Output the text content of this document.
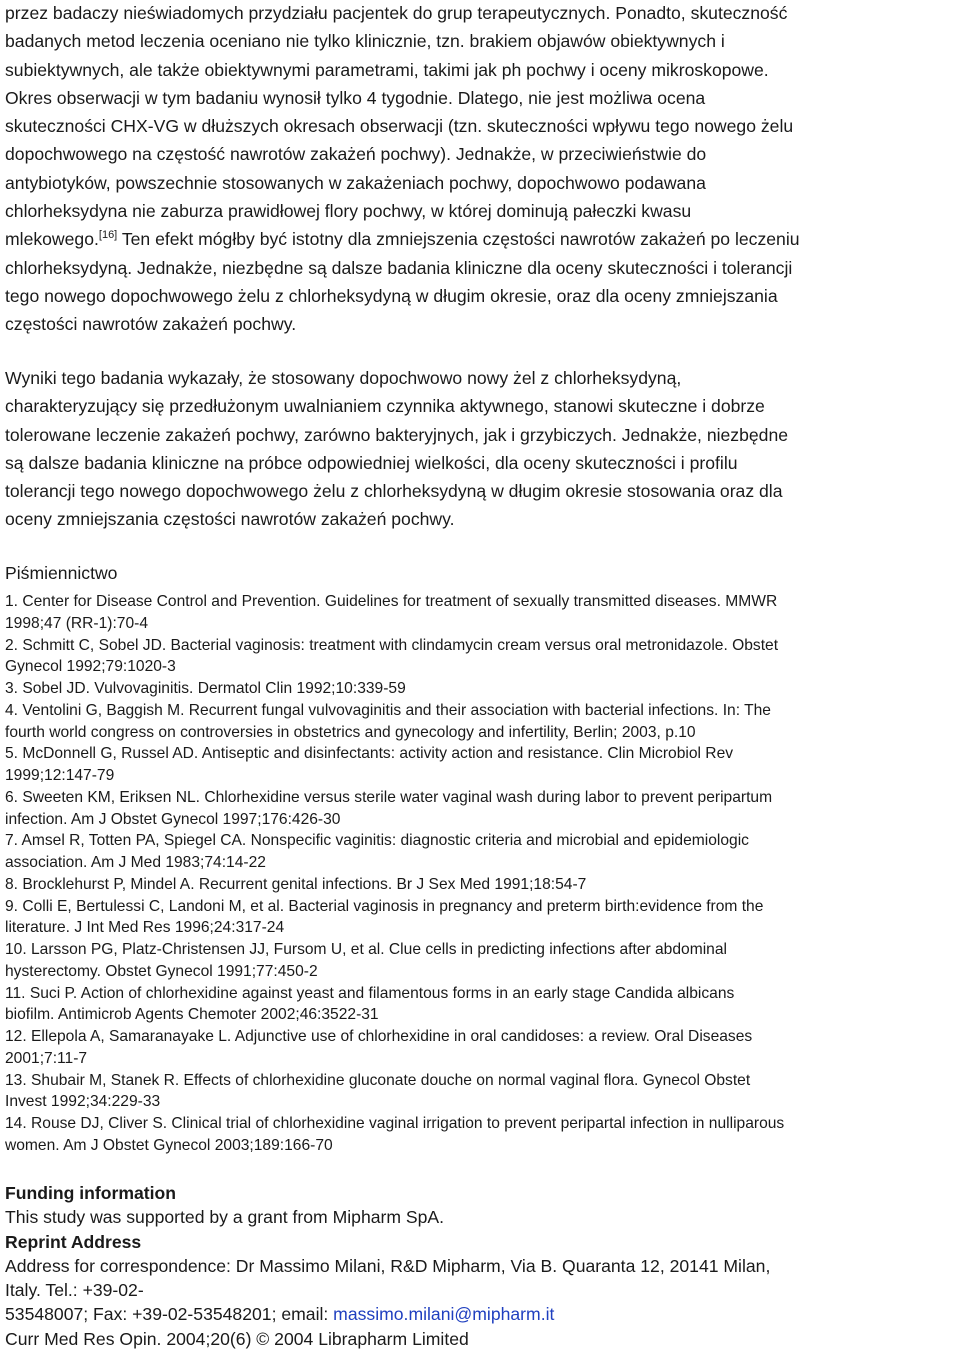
przez badaczy nieświadomych przydziału pacjentek do grup terapeutycznych. Ponadto, skuteczność
badanych metod leczenia oceniano nie tylko klinicznie, tzn. brakiem objawów obiektywnych i
subiektywnych, ale także obiektywnymi parametrami, takimi jak ph pochwy i oceny mikroskopowe.
Okres obserwacji w tym badaniu wynosił tylko 4 tygodnie. Dlatego, nie jest możliwa ocena
skuteczności CHX-VG w dłuższych okresach obserwacji (tzn. skuteczności wpływu tego nowego żelu
dopochwowego na częstość nawrotów zakażeń pochwy). Jednakże, w przeciwieństwie do
antybiotyków, powszechnie stosowanych w zakażeniach pochwy, dopochwowo podawana
chlorheksydyna nie zaburza prawidłowej flory pochwy, w której dominują pałeczki kwasu
mlekowego.[16] Ten efekt mógłby być istotny dla zmniejszenia częstości nawrotów zakażeń po leczeniu
chlorheksydyną. Jednakże, niezbędne są dalsze badania kliniczne dla oceny skuteczności i tolerancji
tego nowego dopochwowego żelu z chlorheksydyną w długim okresie, oraz dla oceny zmniejszania
częstości nawrotów zakażeń pochwy.

Wyniki tego badania wykazały, że stosowany dopochwowo nowy żel z chlorheksydyną,
charakteryzujący się przedłużonym uwalnianiem czynnika aktywnego, stanowi skuteczne i dobrze
tolerowane leczenie zakażeń pochwy, zarówno bakteryjnych, jak i grzybiczych. Jednakże, niezbędne
są dalsze badania kliniczne na próbce odpowiedniej wielkości, dla oceny skuteczności i profilu
tolerancji tego nowego dopochwowego żelu z chlorheksydyną w długim okresie stosowania oraz dla
oceny zmniejszania częstości nawrotów zakażeń pochwy.

Piśmiennictwo
1. Center for Disease Control and Prevention. Guidelines for treatment of sexually transmitted diseases. MMWR
1998;47 (RR-1):70-4
2. Schmitt C, Sobel JD. Bacterial vaginosis: treatment with clindamycin cream versus oral metronidazole. Obstet
Gynecol 1992;79:1020-3
3. Sobel JD. Vulvovaginitis. Dermatol Clin 1992;10:339-59
4. Ventolini G, Baggish M. Recurrent fungal vulvovaginitis and their association with bacterial infections. In: The
fourth world congress on controversies in obstetrics and gynecology and infertility, Berlin; 2003, p.10
5. McDonnell G, Russel AD. Antiseptic and disinfectants: activity action and resistance. Clin Microbiol Rev
1999;12:147-79
6. Sweeten KM, Eriksen NL. Chlorhexidine versus sterile water vaginal wash during labor to prevent peripartum
infection. Am J Obstet Gynecol 1997;176:426-30
7. Amsel R, Totten PA, Spiegel CA. Nonspecific vaginitis: diagnostic criteria and microbial and epidemiologic
association. Am J Med 1983;74:14-22
8. Brocklehurst P, Mindel A. Recurrent genital infections. Br J Sex Med 1991;18:54-7
9. Colli E, Bertulessi C, Landoni M, et al. Bacterial vaginosis in pregnancy and preterm birth:evidence from the
literature. J Int Med Res 1996;24:317-24
10. Larsson PG, Platz-Christensen JJ, Fursom U, et al. Clue cells in predicting infections after abdominal
hysterectomy. Obstet Gynecol 1991;77:450-2
11. Suci P. Action of chlorhexidine against yeast and filamentous forms in an early stage Candida albicans
biofilm. Antimicrob Agents Chemoter 2002;46:3522-31
12. Ellepola A, Samaranayake L. Adjunctive use of chlorhexidine in oral candidoses: a review. Oral Diseases
2001;7:11-7
13. Shubair M, Stanek R. Effects of chlorhexidine gluconate douche on normal vaginal flora. Gynecol Obstet
Invest 1992;34:229-33
14. Rouse DJ, Cliver S. Clinical trial of chlorhexidine vaginal irrigation to prevent peripartal infection in nulliparous
women. Am J Obstet Gynecol 2003;189:166-70
Funding information
This study was supported by a grant from Mipharm SpA.
Reprint Address
Address for correspondence: Dr Massimo Milani, R&D Mipharm, Via B. Quaranta 12, 20141 Milan,
Italy. Tel.: +39-02-
53548007; Fax: +39-02-53548201; email: massimo.milani@mipharm.it
Curr Med Res Opin. 2004;20(6) © 2004 Librapharm Limited
